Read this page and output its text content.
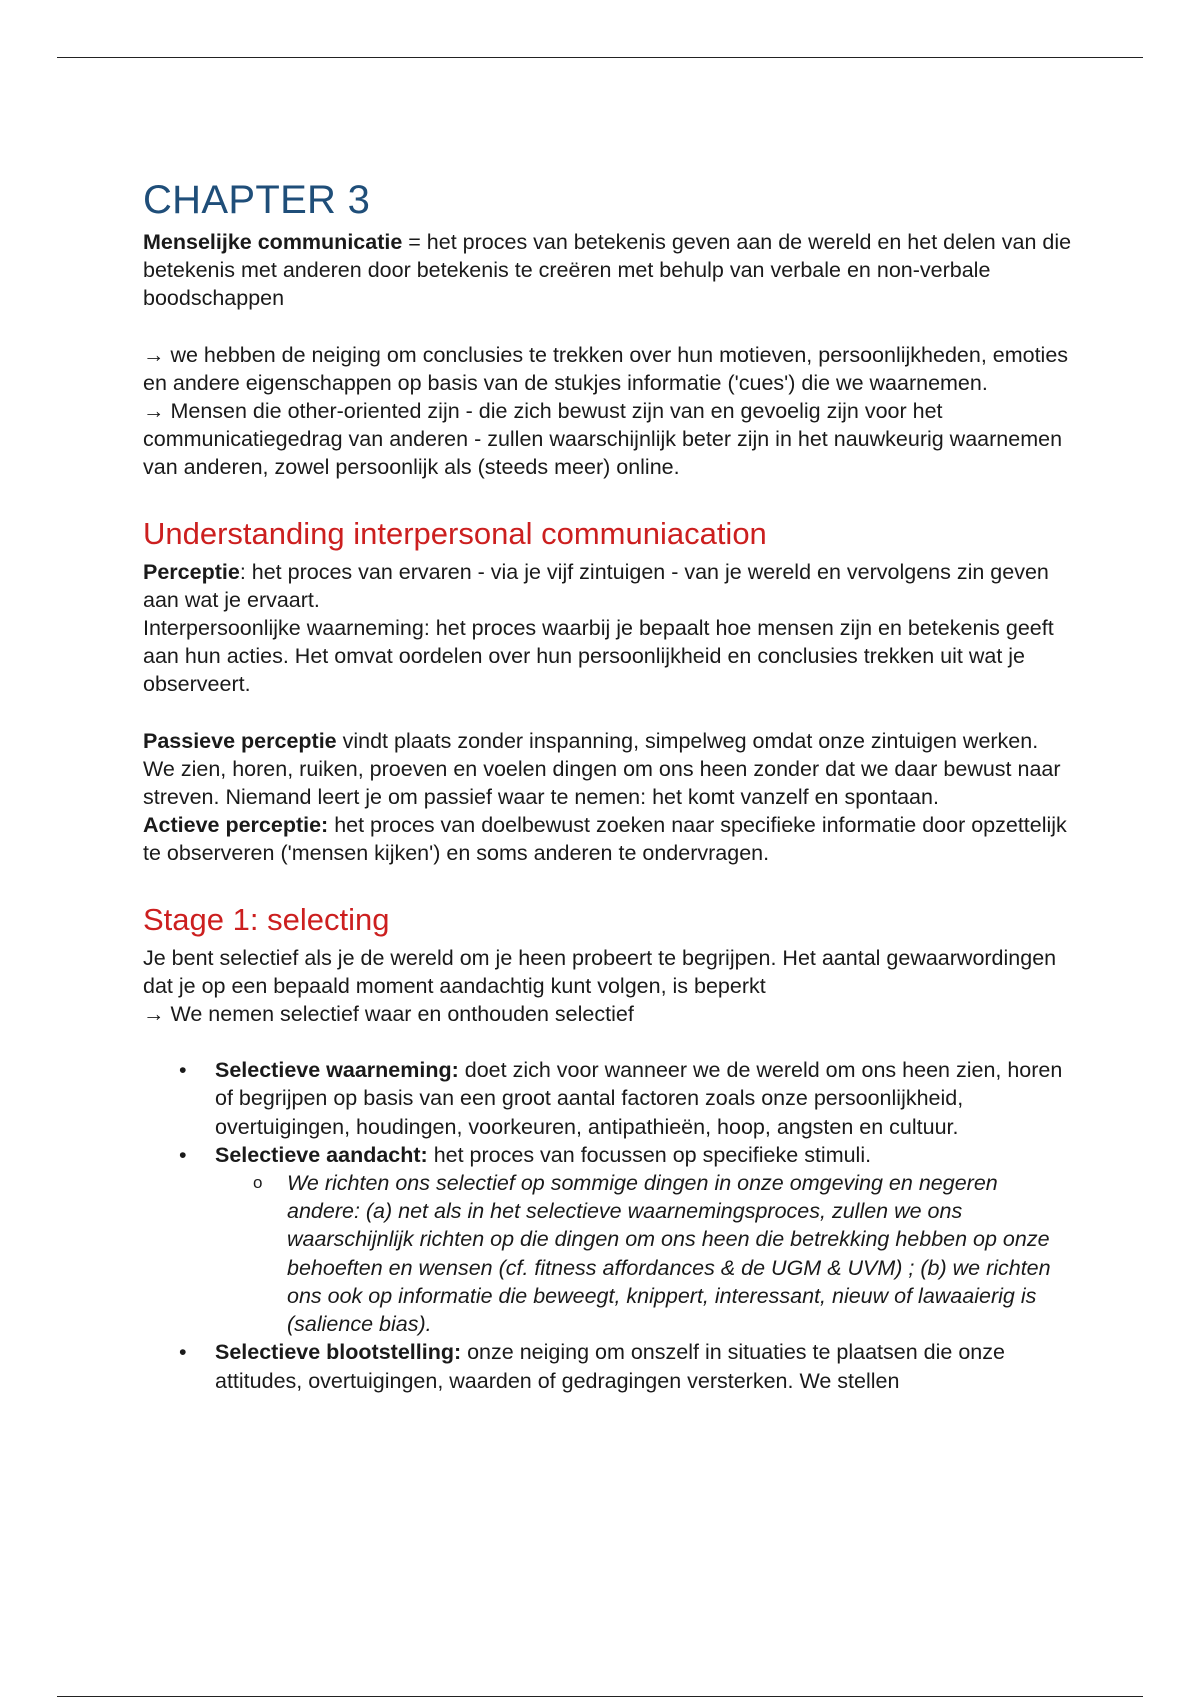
CHAPTER 3

Menselijke communicatie = het proces van betekenis geven aan de wereld en het delen van die betekenis met anderen door betekenis te creëren met behulp van verbale en non-verbale boodschappen

→ we hebben de neiging om conclusies te trekken over hun motieven, persoonlijkheden, emoties en andere eigenschappen op basis van de stukjes informatie ('cues') die we waarnemen.

→ Mensen die other-oriented zijn - die zich bewust zijn van en gevoelig zijn voor het communicatiegedrag van anderen - zullen waarschijnlijk beter zijn in het nauwkeurig waarnemen van anderen, zowel persoonlijk als (steeds meer) online.

Understanding interpersonal communiacation

Perceptie: het proces van ervaren - via je vijf zintuigen - van je wereld en vervolgens zin geven aan wat je ervaart.

Interpersoonlijke waarneming: het proces waarbij je bepaalt hoe mensen zijn en betekenis geeft aan hun acties. Het omvat oordelen over hun persoonlijkheid en conclusies trekken uit wat je observeert.

Passieve perceptie vindt plaats zonder inspanning, simpelweg omdat onze zintuigen werken. We zien, horen, ruiken, proeven en voelen dingen om ons heen zonder dat we daar bewust naar streven. Niemand leert je om passief waar te nemen: het komt vanzelf en spontaan.

Actieve perceptie: het proces van doelbewust zoeken naar specifieke informatie door opzettelijk te observeren ('mensen kijken') en soms anderen te ondervragen.

Stage 1: selecting

Je bent selectief als je de wereld om je heen probeert te begrijpen. Het aantal gewaarwordingen dat je op een bepaald moment aandachtig kunt volgen, is beperkt

→ We nemen selectief waar en onthouden selectief

• Selectieve waarneming: doet zich voor wanneer we de wereld om ons heen zien, horen of begrijpen op basis van een groot aantal factoren zoals onze persoonlijkheid, overtuigingen, houdingen, voorkeuren, antipathieën, hoop, angsten en cultuur.
• Selectieve aandacht: het proces van focussen op specifieke stimuli.
o We richten ons selectief op sommige dingen in onze omgeving en negeren andere: (a) net als in het selectieve waarnemingsproces, zullen we ons waarschijnlijk richten op die dingen om ons heen die betrekking hebben op onze behoeften en wensen (cf. fitness affordances & de UGM & UVM) ; (b) we richten ons ook op informatie die beweegt, knippert, interessant, nieuw of lawaaierig is (salience bias).
• Selectieve blootstelling: onze neiging om onszelf in situaties te plaatsen die onze attitudes, overtuigingen, waarden of gedragingen versterken. We stellen
